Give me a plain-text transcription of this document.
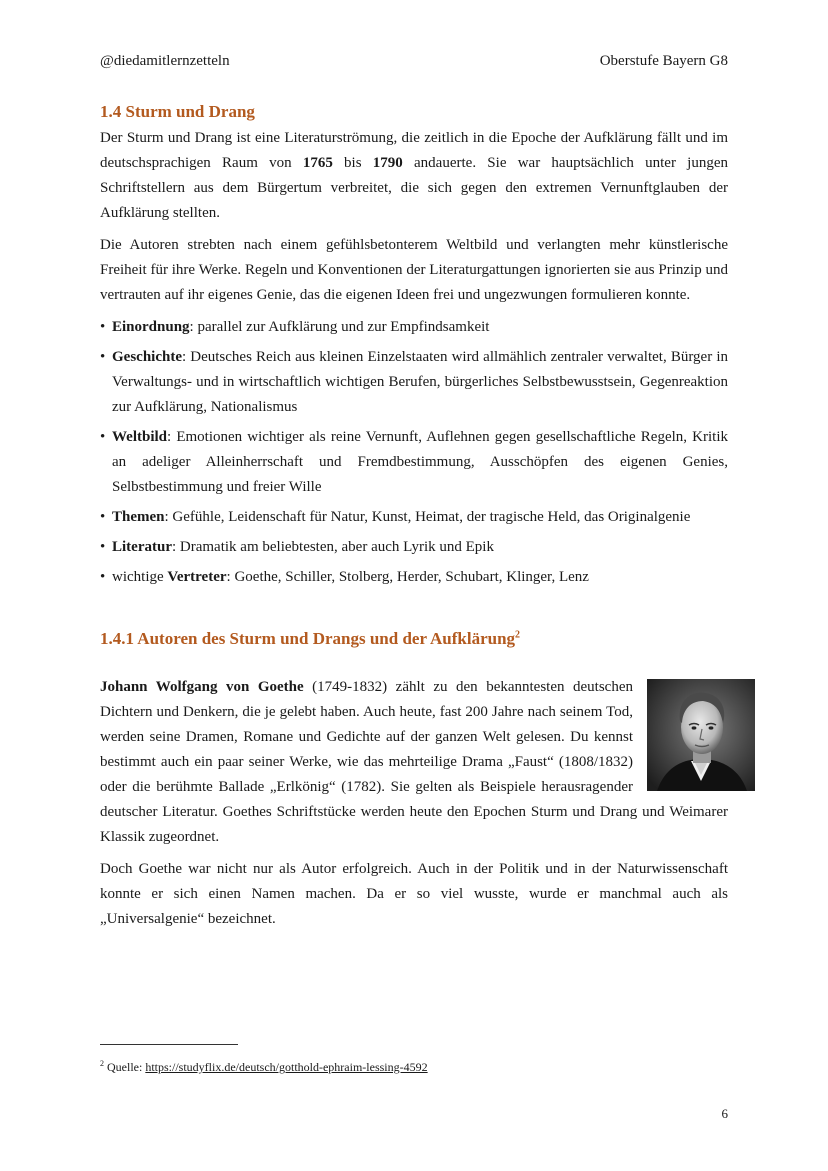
@diedamitlernzetteln	Oberstufe Bayern G8
1.4 Sturm und Drang

Der Sturm und Drang ist eine Literaturströmung, die zeitlich in die Epoche der Aufklärung fällt und im deutschsprachigen Raum von 1765 bis 1790 andauerte. Sie war hauptsächlich unter jungen Schriftstellern aus dem Bürgertum verbreitet, die sich gegen den extremen Vernunftglauben der Aufklärung stellten.

Die Autoren strebten nach einem gefühlsbetonterem Weltbild und verlangten mehr künstlerische Freiheit für ihre Werke. Regeln und Konventionen der Literaturgattungen ignorierten sie aus Prinzip und vertrauten auf ihr eigenes Genie, das die eigenen Ideen frei und ungezwungen formulieren konnte.

• Einordnung: parallel zur Aufklärung und zur Empfindsamkeit
• Geschichte: Deutsches Reich aus kleinen Einzelstaaten wird allmählich zentraler verwaltet, Bürger in Verwaltungs- und in wirtschaftlich wichtigen Berufen, bürgerliches Selbstbewusstsein, Gegenreaktion zur Aufklärung, Nationalismus
• Weltbild: Emotionen wichtiger als reine Vernunft, Auflehnen gegen gesellschaftliche Regeln, Kritik an adeliger Alleinherrschaft und Fremdbestimmung, Ausschöpfen des eigenen Genies, Selbstbestimmung und freier Wille
• Themen: Gefühle, Leidenschaft für Natur, Kunst, Heimat, der tragische Held, das Originalgenie
• Literatur: Dramatik am beliebtesten, aber auch Lyrik und Epik
• wichtige Vertreter: Goethe, Schiller, Stolberg, Herder, Schubart, Klinger, Lenz
1.4.1 Autoren des Sturm und Drangs und der Aufklärung$^2$

Johann Wolfgang von Goethe (1749-1832) zählt zu den bekanntesten deutschen Dichtern und Denkern, die je gelebt haben. Auch heute, fast 200 Jahre nach seinem Tod, werden seine Dramen, Romane und Gedichte auf der ganzen Welt gelesen. Du kennst bestimmt auch ein paar seiner Werke, wie das mehrteilige Drama „Faust“ (1808/1832) oder die berühmte Ballade „Erlkönig“ (1782). Sie gelten als Beispiele herausragender deutscher Literatur. Goethes Schriftstücke werden heute den Epochen Sturm und Drang und Weimarer Klassik zugeordnet.

Doch Goethe war nicht nur als Autor erfolgreich. Auch in der Politik und in der Naturwissenschaft konnte er sich einen Namen machen. Da er so viel wusste, wurde er manchmal auch als „Universalgenie“ bezeichnet.

$^2$ Quelle: https://studyflix.de/deutsch/gotthold-ephraim-lessing-4592
6
